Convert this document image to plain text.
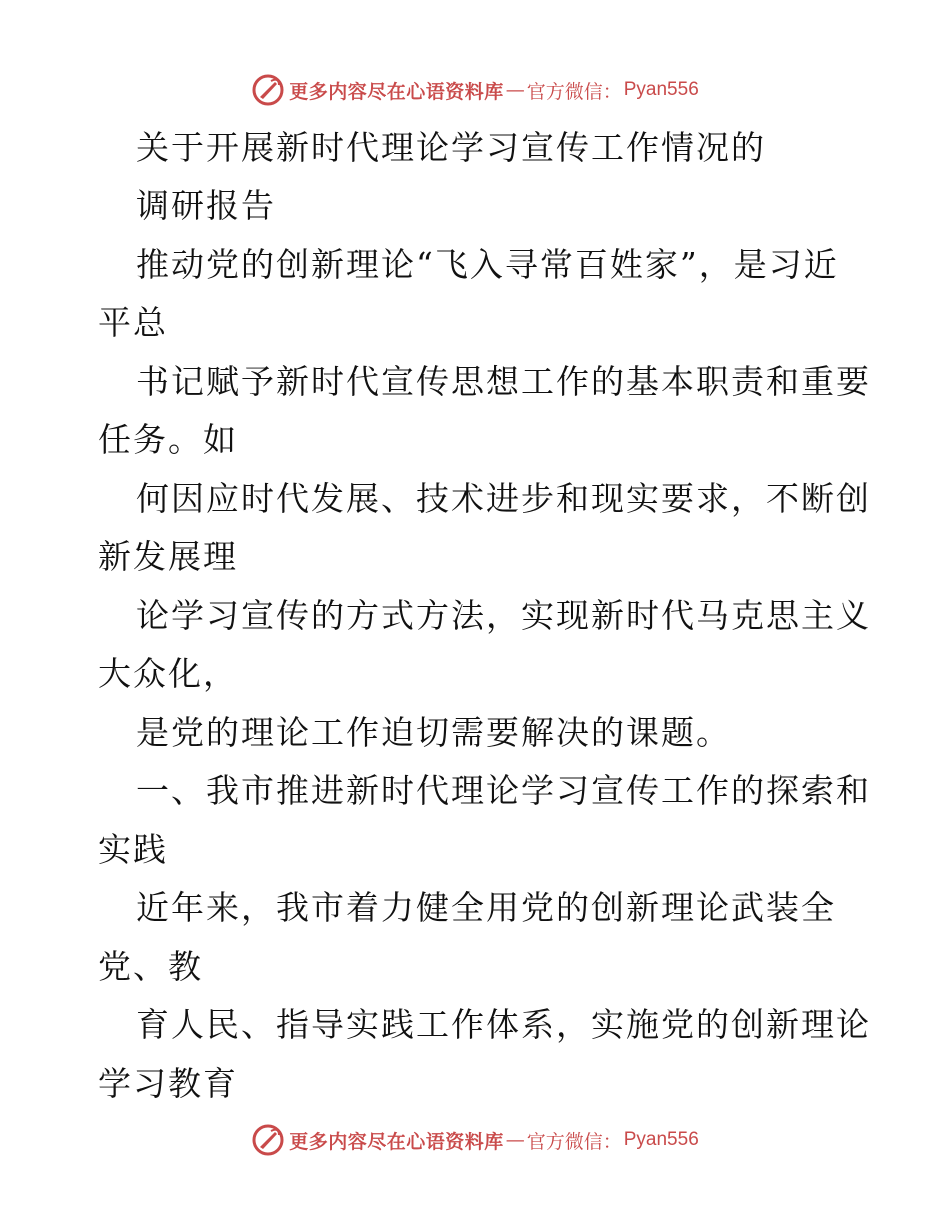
更多内容尽在心语资料库 — 官方微信： Pyan556
关于开展新时代理论学习宣传工作情况的
调研报告
推动党的创新理论“飞入寻常百姓家”，是习近
平总
书记赋予新时代宣传思想工作的基本职责和重要
任务。如
何因应时代发展、技术进步和现实要求，不断创
新发展理
论学习宣传的方式方法，实现新时代马克思主义
大众化，
是党的理论工作迫切需要解决的课题。
一、我市推进新时代理论学习宣传工作的探索和
实践
近年来，我市着力健全用党的创新理论武装全
党、教
育人民、指导实践工作体系，实施党的创新理论
学习教育
更多内容尽在心语资料库 — 官方微信： Pyan556
